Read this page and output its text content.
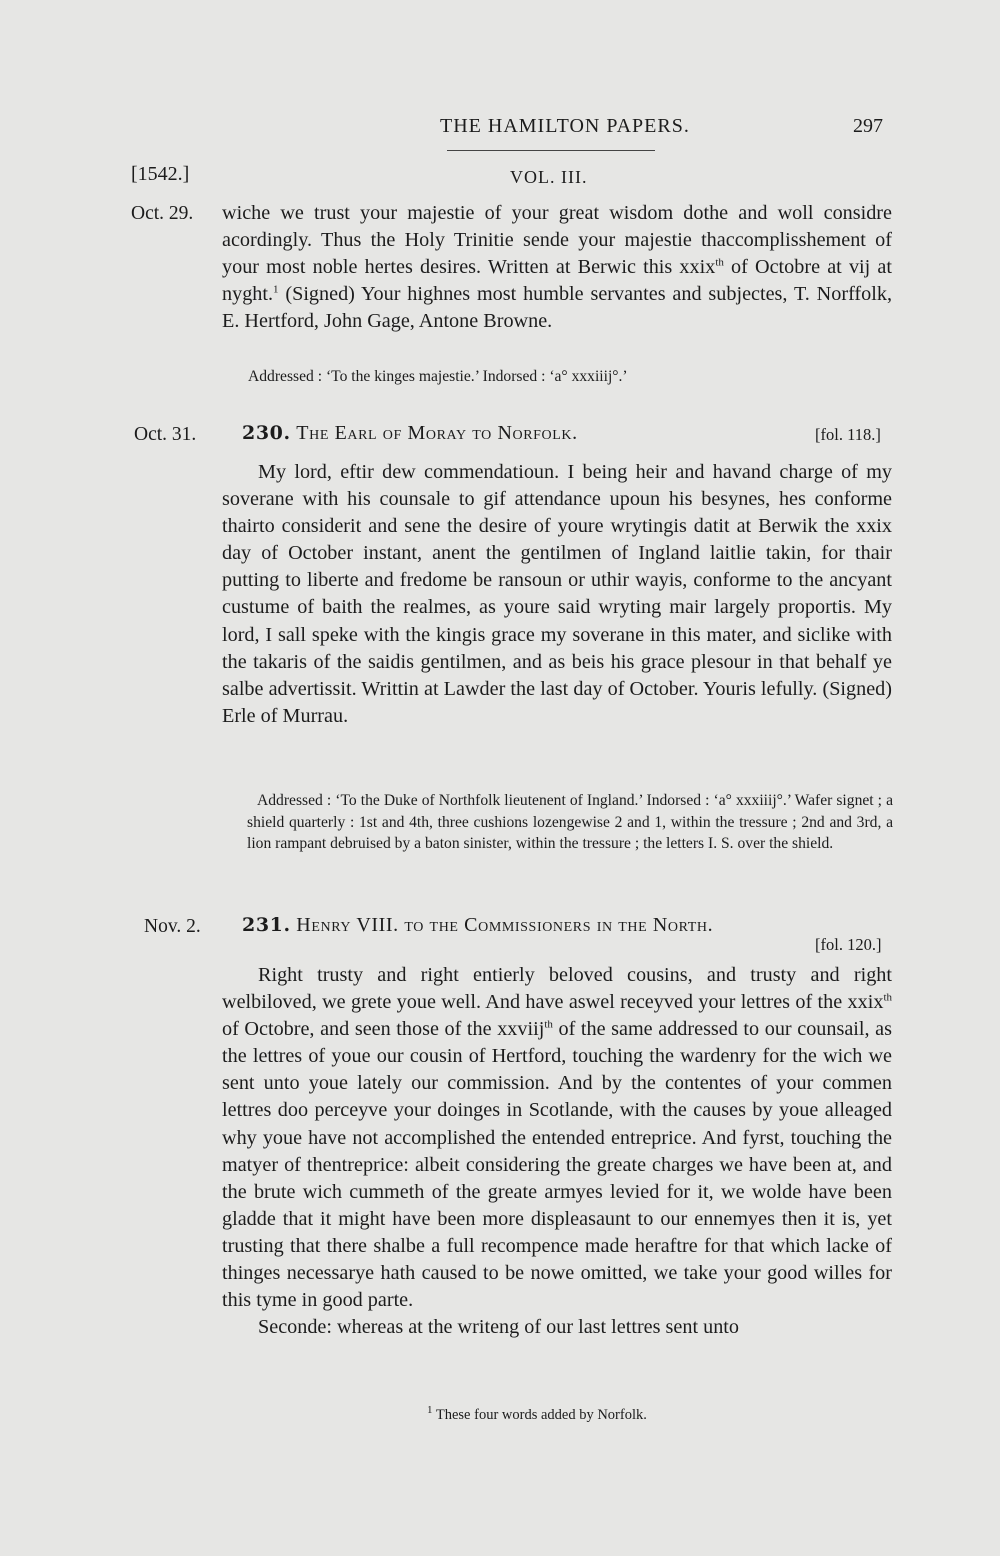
THE HAMILTON PAPERS.	297
[1542.]	VOL. III.
Oct. 29. wiche we trust your majestie of your great wisdom dothe and woll considre acordingly. Thus the Holy Trinitie sende your majestie thaccomplisshement of your most noble hertes desires. Written at Berwic this xxix$^{th}$ of Octobre at vij at nyght.$^1$ (Signed) Your highnes most humble servantes and subjectes, T. Norffolk, E. Hertford, John Gage, Antone Browne.

Addressed : ‘To the kinges majestie.’ Indorsed : ‘a° xxxiiij°.’
Oct. 31. 230. The Earl of Moray to Norfolk.	[fol. 118.]

My lord, eftir dew commendatioun. I being heir and havand charge of my soverane with his counsale to gif attendance upoun his besynes, hes conforme thairto considerit and sene the desire of youre wrytingis datit at Berwik the xxix day of October instant, anent the gentilmen of Ingland laitlie takin, for thair putting to liberte and fredome be ransoun or uthir wayis, conforme to the ancyant custume of baith the realmes, as youre said wryting mair largely proportis. My lord, I sall speke with the kingis grace my soverane in this mater, and siclike with the takaris of the saidis gentilmen, and as beis his grace plesour in that behalf ye salbe advertissit. Writtin at Lawder the last day of October. Youris lefully. (Signed) Erle of Murrau.

Addressed : ‘To the Duke of Northfolk lieutenent of Ingland.’ Indorsed : ‘a° xxxiiij°.’ Wafer signet ; a shield quarterly : 1st and 4th, three cushions lozengewise 2 and 1, within the tressure ; 2nd and 3rd, a lion rampant debruised by a baton sinister, within the tressure ; the letters I. S. over the shield.
Nov. 2. 231. Henry VIII. to the Commissioners in the North.
[fol. 120.]

Right trusty and right entierly beloved cousins, and trusty and right welbiloved, we grete youe well. And have aswel receyved your lettres of the xxix$^{th}$ of Octobre, and seen those of the xxviij$^{th}$ of the same addressed to our counsail, as the lettres of youe our cousin of Hertford, touching the wardenry for the wich we sent unto youe lately our commission. And by the contentes of your commen lettres doo perceyve your doinges in Scotlande, with the causes by youe alleaged why youe have not accomplished the entended entreprice. And fyrst, touching the matyer of thentreprice: albeit considering the greate charges we have been at, and the brute wich cummeth of the greate armyes levied for it, we wolde have been gladde that it might have been more displeasaunt to our ennemyes then it is, yet trusting that there shalbe a full recompence made heraftre for that which lacke of thinges necessarye hath caused to be nowe omitted, we take your good willes for this tyme in good parte.

Seconde: whereas at the writeng of our last lettres sent unto

$^1$ These four words added by Norfolk.
